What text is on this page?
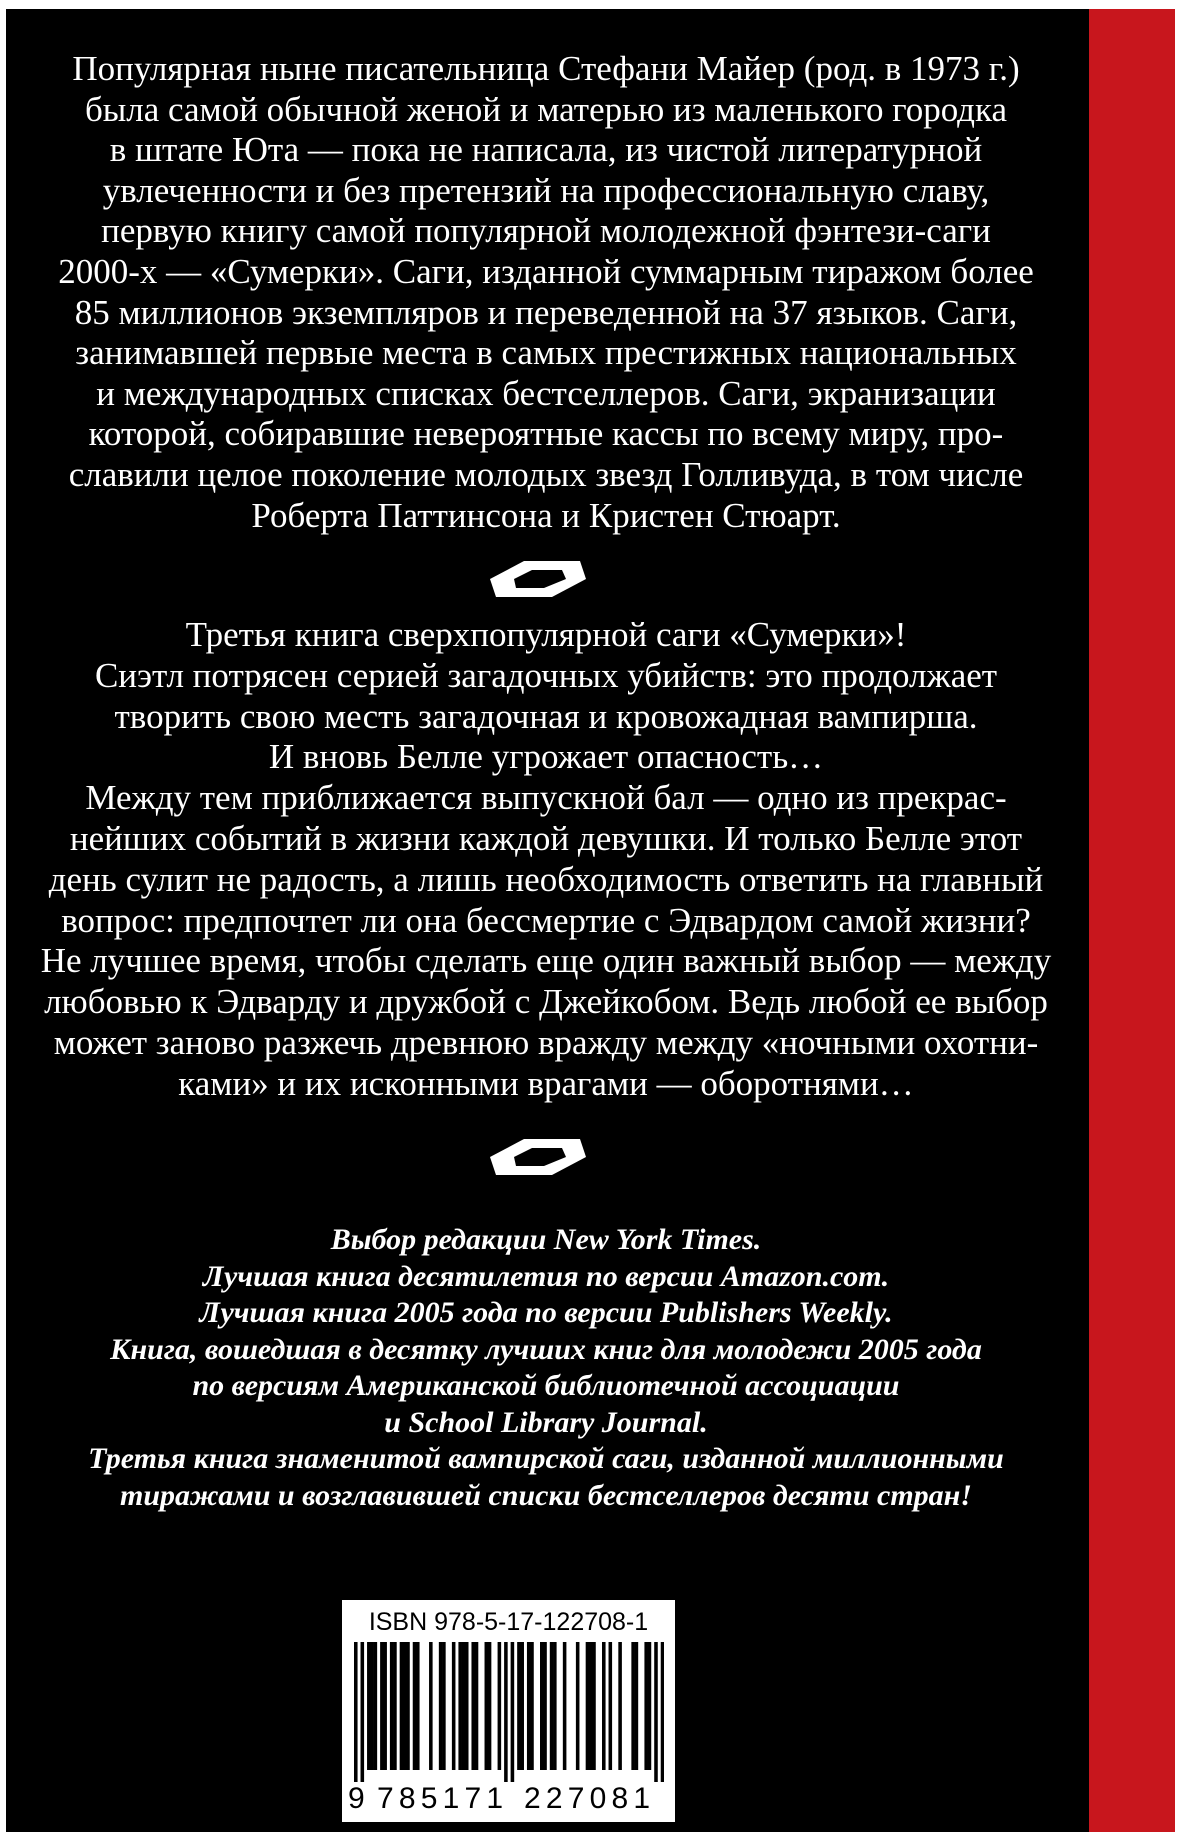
Популярная ныне писательница Стефани Майер (род. в 1973 г.)
была самой обычной женой и матерью из маленького городка
в штате Юта — пока не написала, из чистой литературной
увлеченности и без претензий на профессиональную славу,
первую книгу самой популярной молодежной фэнтези-саги
2000-х — «Сумерки». Саги, изданной суммарным тиражом более
85 миллионов экземпляров и переведенной на 37 языков. Саги,
занимавшей первые места в самых престижных национальных
и международных списках бестселлеров. Саги, экранизации
которой, собиравшие невероятные кассы по всему миру, про-
славили целое поколение молодых звезд Голливуда, в том числе
Роберта Паттинсона и Кристен Стюарт.
Третья книга сверхпопулярной саги «Сумерки»!
Сиэтл потрясен серией загадочных убийств: это продолжает
творить свою месть загадочная и кровожадная вампирша.
И вновь Белле угрожает опасность…
Между тем приближается выпускной бал — одно из прекрас-
нейших событий в жизни каждой девушки. И только Белле этот
день сулит не радость, а лишь необходимость ответить на главный
вопрос: предпочтет ли она бессмертие с Эдвардом самой жизни?
Не лучшее время, чтобы сделать еще один важный выбор — между
любовью к Эдварду и дружбой с Джейкобом. Ведь любой ее выбор
может заново разжечь древнюю вражду между «ночными охотни-
ками» и их исконными врагами — оборотнями…
Выбор редакции New York Times.
Лучшая книга десятилетия по версии Amazon.com.
Лучшая книга 2005 года по версии Publishers Weekly.
Книга, вошедшая в десятку лучших книг для молодежи 2005 года
по версиям Американской библиотечной ассоциации
и School Library Journal.
Третья книга знаменитой вампирской саги, изданной миллионными
тиражами и возглавившей списки бестселлеров десяти стран!
ISBN 978-5-17-122708-1
9 785171 227081
